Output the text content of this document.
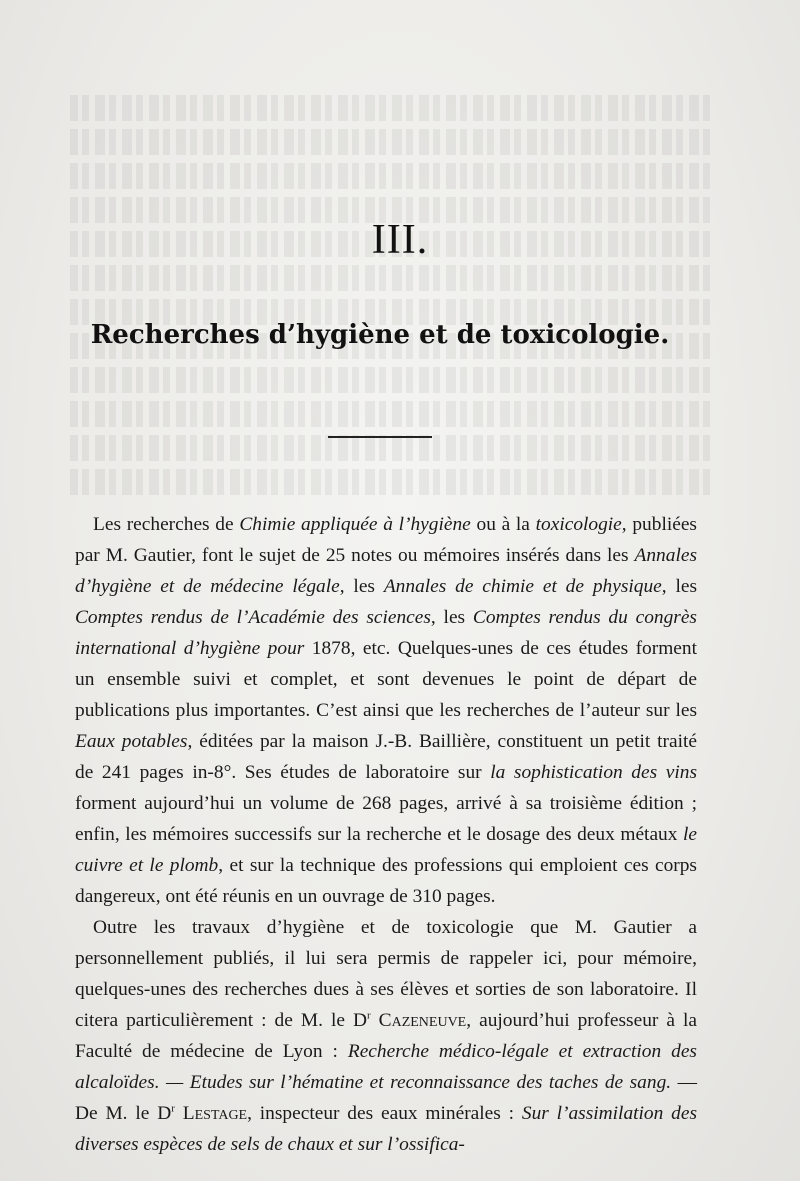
III.
Recherches d’hygiène et de toxicologie.

Les recherches de Chimie appliquée à l’hygiène ou à la toxicologie, publiées par M. Gautier, font le sujet de 25 notes ou mémoires insérés dans les Annales d’hygiène et de médecine légale, les Annales de chimie et de physique, les Comptes rendus de l’Académie des sciences, les Comptes rendus du congrès international d’hygiène pour 1878, etc. Quelques-unes de ces études forment un ensemble suivi et complet, et sont devenues le point de départ de publications plus importantes. C’est ainsi que les recherches de l’auteur sur les Eaux potables, éditées par la maison J.-B. Baillière, constituent un petit traité de 241 pages in-8°. Ses études de laboratoire sur la sophistication des vins forment aujourd’hui un volume de 268 pages, arrivé à sa troisième édition ; enfin, les mémoires successifs sur la recherche et le dosage des deux métaux le cuivre et le plomb, et sur la technique des professions qui emploient ces corps dangereux, ont été réunis en un ouvrage de 310 pages.

Outre les travaux d’hygiène et de toxicologie que M. Gautier a personnellement publiés, il lui sera permis de rappeler ici, pour mémoire, quelques-unes des recherches dues à ses élèves et sorties de son laboratoire. Il citera particulièrement : de M. le $D^r$ Cazeneuve, aujourd’hui professeur à la Faculté de médecine de Lyon : Recherche médico-légale et extraction des alcaloïdes. — Etudes sur l’hématine et reconnaissance des taches de sang. — De M. le $D^r$ Lestage, inspecteur des eaux minérales : Sur l’assimilation des diverses espèces de sels de chaux et sur l’ossifica-
